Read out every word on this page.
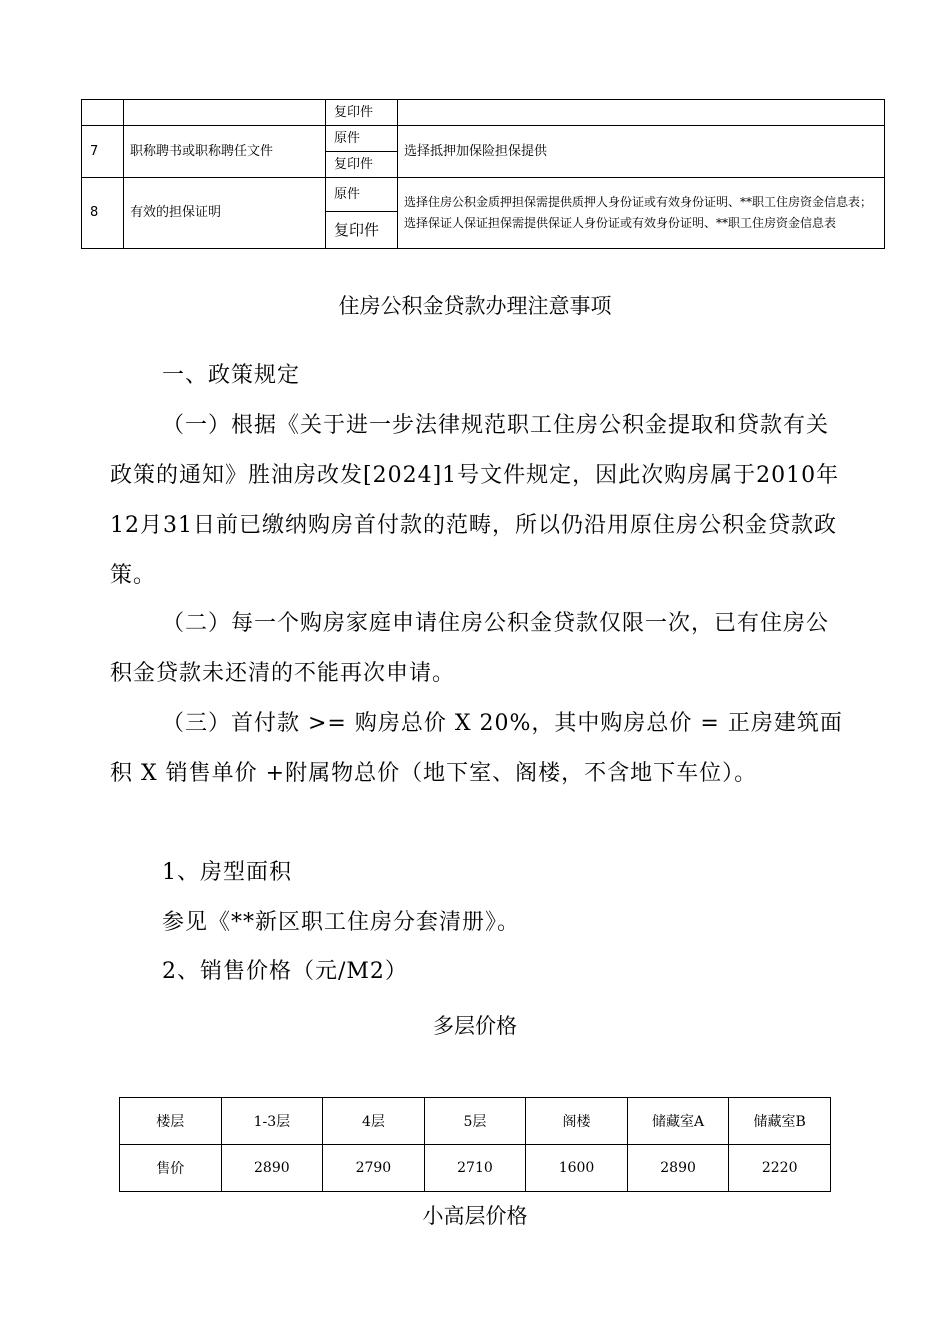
		复印件	
7	职称聘书或职称聘任文件	原件	选择抵押加保险担保提供
		复印件	
8	有效的担保证明	原件	选择住房公积金质押担保需提供质押人身份证或有效身份证明、**职工住房资金信息表；选择保证人保证担保需提供保证人身份证或有效身份证明、**职工住房资金信息表
		复印件	
住房公积金贷款办理注意事项

一、政策规定

（一）根据《关于进一步法律规范职工住房公积金提取和贷款有关政策的通知》胜油房改发[2024]1号文件规定，因此次购房属于2010年12月31日前已缴纳购房首付款的范畴，所以仍沿用原住房公积金贷款政策。

（二）每一个购房家庭申请住房公积金贷款仅限一次，已有住房公积金贷款未还清的不能再次申请。

（三）首付款 >= 购房总价 X 20%，其中购房总价 = 正房建筑面积 X 销售单价 +附属物总价（地下室、阁楼，不含地下车位）。

1、房型面积

参见《**新区职工住房分套清册》。

2、销售价格（元/M2）

多层价格
楼层	1-3层	4层	5层	阁楼	储藏室A	储藏室B
售价	2890	2790	2710	1600	2890	2220
小高层价格
